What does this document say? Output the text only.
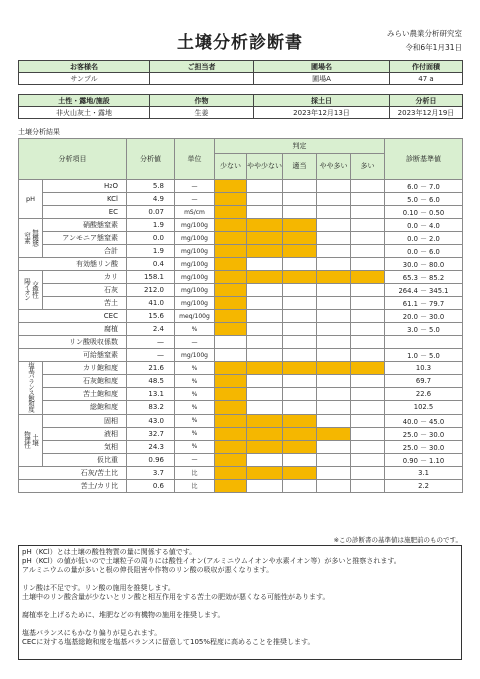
土壌分析診断書	みらい農業分析研究室
令和6年1月31日
お客様名	ご担当者	圃場名	作付面積
サンプル		圃場A	47 a
土性・露地/施設	作物	採土日	分析日
非火山灰土・露地	生姜	2023年12月13日	2023年12月19日
土壌分析結果
分析項目		分析値	単位	判定					診断基準値
				少ない	やや少ない	適当	やや多い	多い	
pH	H2O	5.8	—						6.0 － 7.0
	KCl	4.9	—						5.0 － 6.0
	EC	0.07	mS/cm						0.10 － 0.50

窒素 無機態	硝酸態窒素	1.9	mg/100g						0.0 － 4.0
	アンモニア態窒素	0.0	mg/100g						0.0 － 2.0
	合計	1.9	mg/100g						0.0 － 6.0
有効態リン酸		0.4	mg/100g						30.0 － 80.0

陽イオン 交換性	カリ	158.1	mg/100g						65.3 － 85.2
	石灰	212.0	mg/100g						264.4 － 345.1
	苦土	41.0	mg/100g						61.1 － 79.7
CEC		15.6	meq/100g						20.0 － 30.0
腐植		2.4	%						3.0 － 5.0
リン酸吸収係数		—	—						
可給態窒素		—	mg/100g						1.0 － 5.0

塩基バランス飽和度	カリ飽和度	21.6	%						10.3
	石灰飽和度	48.5	%						69.7
	苦土飽和度	13.1	%						22.6
	総飽和度	83.2	%						102.5

物理性 土壌	固相	43.0	%						40.0 － 45.0
	液相	32.7	%						25.0 － 30.0
	気相	24.3	%						25.0 － 30.0
	仮比重	0.96	—						0.90 － 1.10
石灰/苦土比		3.7	比						3.1
苦土/カリ比		0.6	比						2.2
※この診断書の基準値は施肥前のものです。

pH（KCl）とは土壌の酸性物質の量に関係する値です。

pH（KCl）の値が低いので土壌粒子の周りには酸性イオン(アルミニウムイオンや水素イオン等）が多いと推察されます。

アルミニウムの量が多いと根の伸長阻害や作物のリン酸の吸収が悪くなります。

リン酸は不足です。リン酸の施用を推奨します。

土壌中のリン酸含量が少ないとリン酸と相互作用をする苦土の肥効が悪くなる可能性があります。

腐植率を上げるために、堆肥などの有機物の施用を推奨します。

塩基バランスにもかなり偏りが見られます。

CECに対する塩基総飽和度を塩基バランスに留意して105%程度に高めることを推奨します。
